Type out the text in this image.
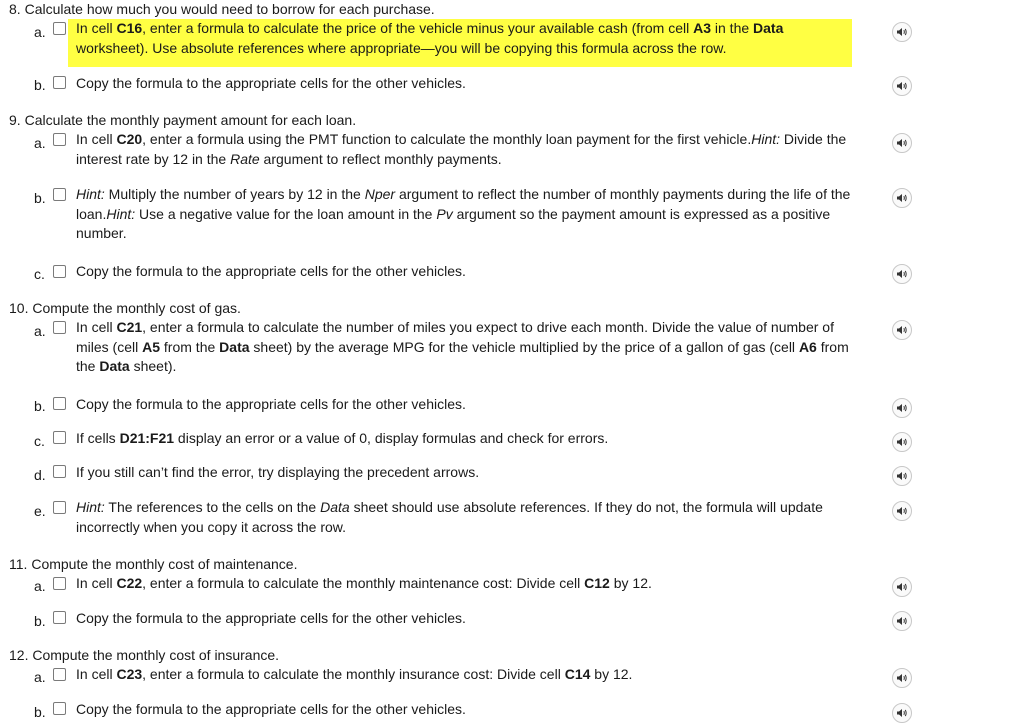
8. Calculate how much you would need to borrow for each purchase.
a. In cell C16, enter a formula to calculate the price of the vehicle minus your available cash (from cell A3 in the Data worksheet). Use absolute references where appropriate—you will be copying this formula across the row.
b. Copy the formula to the appropriate cells for the other vehicles.
9. Calculate the monthly payment amount for each loan.
a. In cell C20, enter a formula using the PMT function to calculate the monthly loan payment for the first vehicle.Hint: Divide the interest rate by 12 in the Rate argument to reflect monthly payments.
b. Hint: Multiply the number of years by 12 in the Nper argument to reflect the number of monthly payments during the life of the loan.Hint: Use a negative value for the loan amount in the Pv argument so the payment amount is expressed as a positive number.
c. Copy the formula to the appropriate cells for the other vehicles.
10. Compute the monthly cost of gas.
a. In cell C21, enter a formula to calculate the number of miles you expect to drive each month. Divide the value of number of miles (cell A5 from the Data sheet) by the average MPG for the vehicle multiplied by the price of a gallon of gas (cell A6 from the Data sheet).
b. Copy the formula to the appropriate cells for the other vehicles.
c. If cells D21:F21 display an error or a value of 0, display formulas and check for errors.
d. If you still can’t find the error, try displaying the precedent arrows.
e. Hint: The references to the cells on the Data sheet should use absolute references. If they do not, the formula will update incorrectly when you copy it across the row.
11. Compute the monthly cost of maintenance.
a. In cell C22, enter a formula to calculate the monthly maintenance cost: Divide cell C12 by 12.
b. Copy the formula to the appropriate cells for the other vehicles.
12. Compute the monthly cost of insurance.
a. In cell C23, enter a formula to calculate the monthly insurance cost: Divide cell C14 by 12.
b. Copy the formula to the appropriate cells for the other vehicles.
